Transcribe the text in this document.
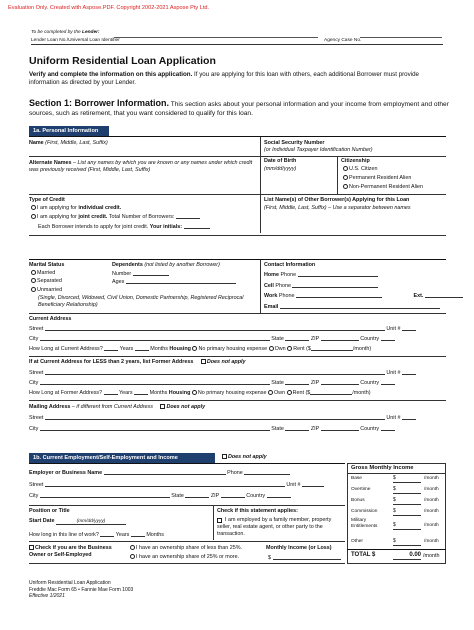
Evaluation Only. Created with Aspose.PDF. Copyright 2002-2021 Aspose Pty Ltd.
To be completed by the Lender:
Lender Loan No./Universal Loan Identifier	Agency Case No.
Uniform Residential Loan Application
Verify and complete the information on this application. If you are applying for this loan with others, each additional Borrower must provide information as directed by your Lender.
Section 1: Borrower Information. This section asks about your personal information and your income from employment and other sources, such as retirement, that you want considered to qualify for this loan.
1a. Personal Information
Name (First, Middle, Last, Suffix)	Social Security Number
(or Individual Taxpayer Identification Number)
Alternate Names – List any names by which you are known or any names under which credit was previously received (First, Middle, Last, Suffix)
Date of Birth
(mm/dd/yyyy)
Citizenship
U.S. Citizen
Permanent Resident Alien
Non-Permanent Resident Alien
Type of Credit
I am applying for individual credit.
I am applying for joint credit. Total Number of Borrowers:
Each Borrower intends to apply for joint credit. Your initials:
List Name(s) of Other Borrower(s) Applying for this Loan
(First, Middle, Last, Suffix) – Use a separator between names
Marital Status
Married
Separated
Unmarried
(Single, Divorced, Widowed, Civil Union, Domestic Partnership, Registered Reciprocal Beneficiary Relationship)
Dependents (not listed by another Borrower)
Number
Ages
Contact Information
Home Phone
Cell Phone
Work Phone	Ext.
Email
Current Address
Street	Unit #
City	State	ZIP	Country
How Long at Current Address?	Years	Months Housing No primary housing expense Own Rent ($	/month)
If at Current Address for LESS than 2 years, list Former Address	Does not apply
Street	Unit #
City	State	ZIP	Country
How Long at Former Address?	Years	Months Housing No primary housing expense Own Rent ($	/month)
Mailing Address – if different from Current Address	Does not apply
Street	Unit #
City	State	ZIP	Country
1b. Current Employment/Self-Employment and Income	Does not apply
Employer or Business Name	Phone
Street	Unit #
City	State	ZIP	Country
Position or Title
Start Date	(mm/dd/yyyy)
How long in this line of work?	Years	Months
Check if this statement applies:
I am employed by a family member, property seller, real estate agent, or other party to the transaction.
Check if you are the Business Owner or Self-Employed
I have an ownership share of less than 25%.
I have an ownership share of 25% or more.
Monthly Income (or Loss)
$
Gross Monthly Income
Base	$	/month
Overtime	$	/month
Bonus	$	/month
Commission	$	/month
Military Entitlements	$	/month
Other	$	/month
TOTAL $	0.00 /month
Uniform Residential Loan Application
Freddie Mac Form 65 • Fannie Mae Form 1003
Effective 1/2021
